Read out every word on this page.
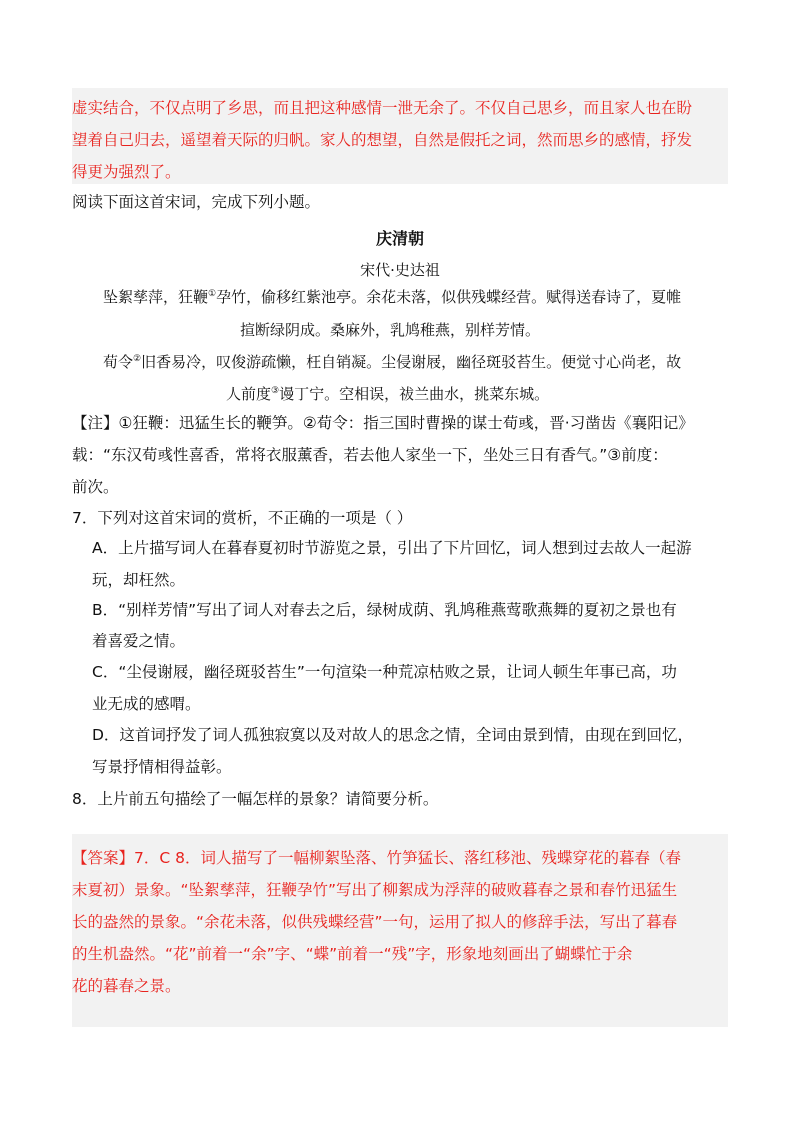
虚实结合，不仅点明了乡思，而且把这种感情一泄无余了。不仅自己思乡，而且家人也在盼
望着自己归去，遥望着天际的归帆。家人的想望，自然是假托之词，然而思乡的感情，抒发
得更为强烈了。
阅读下面这首宋词，完成下列小题。
庆清朝
宋代·史达祖
坠絮孳萍，狂鞭①孕竹，偷移红紫池亭。余花未落，似供残蝶经营。赋得送春诗了，夏帷
揎断绿阴成。桑麻外，乳鸠稚燕，别样芳情。
荀令②旧香易冷，叹俊游疏懒，枉自销凝。尘侵谢屐，幽径斑驳苔生。便觉寸心尚老，故
人前度③谩丁宁。空相误，祓兰曲水，挑菜东城。
【注】①狂鞭：迅猛生长的鞭笋。②荀令：指三国时曹操的谋士荀彧，晋·习凿齿《襄阳记》
载：“东汉荀彧性喜香，常将衣服薰香，若去他人家坐一下，坐处三日有香气。”③前度：
前次。
7．下列对这首宋词的赏析，不正确的一项是（ ）
A．上片描写词人在暮春夏初时节游览之景，引出了下片回忆，词人想到过去故人一起游
玩，却枉然。
B．“别样芳情”写出了词人对春去之后，绿树成荫、乳鸠稚燕莺歌燕舞的夏初之景也有
着喜爱之情。
C．“尘侵谢屐，幽径斑驳苔生”一句渲染一种荒凉枯败之景，让词人顿生年事已高，功
业无成的感喟。
D．这首词抒发了词人孤独寂寞以及对故人的思念之情，全词由景到情，由现在到回忆，
写景抒情相得益彰。
8．上片前五句描绘了一幅怎样的景象？请简要分析。
【答案】7．C 8．词人描写了一幅柳絮坠落、竹笋猛长、落红移池、残蝶穿花的暮春（春
末夏初）景象。“坠絮孳萍，狂鞭孕竹”写出了柳絮成为浮萍的破败暮春之景和春竹迅猛生
长的盎然的景象。“余花未落，似供残蝶经营”一句，运用了拟人的修辞手法，写出了暮春
的生机盎然。“花”前着一“余”字、“蝶”前着一“残”字，形象地刻画出了蝴蝶忙于余
花的暮春之景。
